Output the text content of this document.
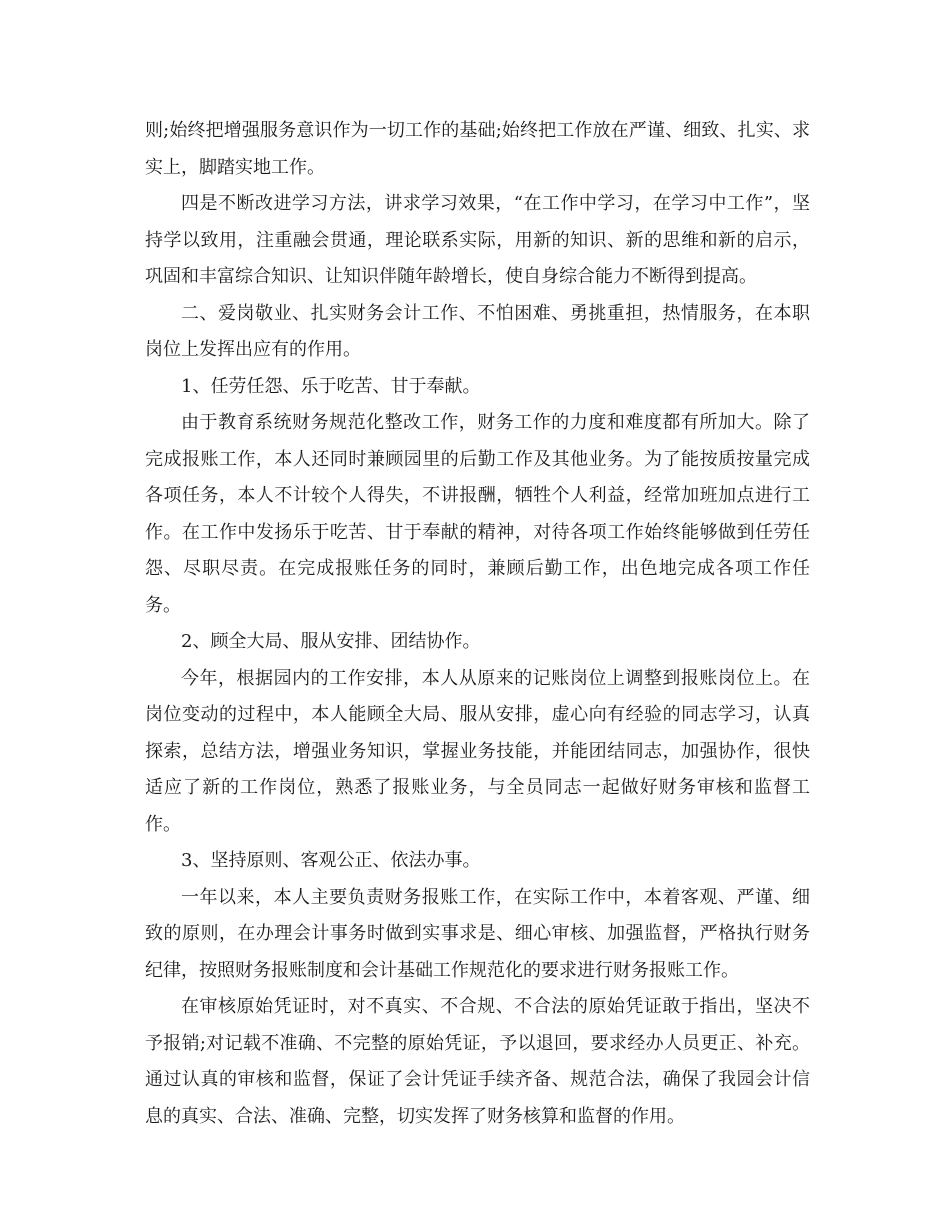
则;始终把增强服务意识作为一切工作的基础;始终把工作放在严谨、细致、扎实、求实上，脚踏实地工作。

四是不断改进学习方法，讲求学习效果，“在工作中学习，在学习中工作”，坚持学以致用，注重融会贯通，理论联系实际，用新的知识、新的思维和新的启示，巩固和丰富综合知识、让知识伴随年龄增长，使自身综合能力不断得到提高。

二、爱岗敬业、扎实财务会计工作、不怕困难、勇挑重担，热情服务，在本职岗位上发挥出应有的作用。

1、任劳任怨、乐于吃苦、甘于奉献。

由于教育系统财务规范化整改工作，财务工作的力度和难度都有所加大。除了完成报账工作，本人还同时兼顾园里的后勤工作及其他业务。为了能按质按量完成各项任务，本人不计较个人得失，不讲报酬，牺牲个人利益，经常加班加点进行工作。在工作中发扬乐于吃苦、甘于奉献的精神，对待各项工作始终能够做到任劳任怨、尽职尽责。在完成报账任务的同时，兼顾后勤工作，出色地完成各项工作任务。

2、顾全大局、服从安排、团结协作。

今年，根据园内的工作安排，本人从原来的记账岗位上调整到报账岗位上。在岗位变动的过程中，本人能顾全大局、服从安排，虚心向有经验的同志学习，认真探索，总结方法，增强业务知识，掌握业务技能，并能团结同志，加强协作，很快适应了新的工作岗位，熟悉了报账业务，与全员同志一起做好财务审核和监督工作。

3、坚持原则、客观公正、依法办事。

一年以来，本人主要负责财务报账工作，在实际工作中，本着客观、严谨、细致的原则，在办理会计事务时做到实事求是、细心审核、加强监督，严格执行财务纪律，按照财务报账制度和会计基础工作规范化的要求进行财务报账工作。

在审核原始凭证时，对不真实、不合规、不合法的原始凭证敢于指出，坚决不予报销;对记载不准确、不完整的原始凭证，予以退回，要求经办人员更正、补充。通过认真的审核和监督，保证了会计凭证手续齐备、规范合法，确保了我园会计信息的真实、合法、准确、完整，切实发挥了财务核算和监督的作用。
